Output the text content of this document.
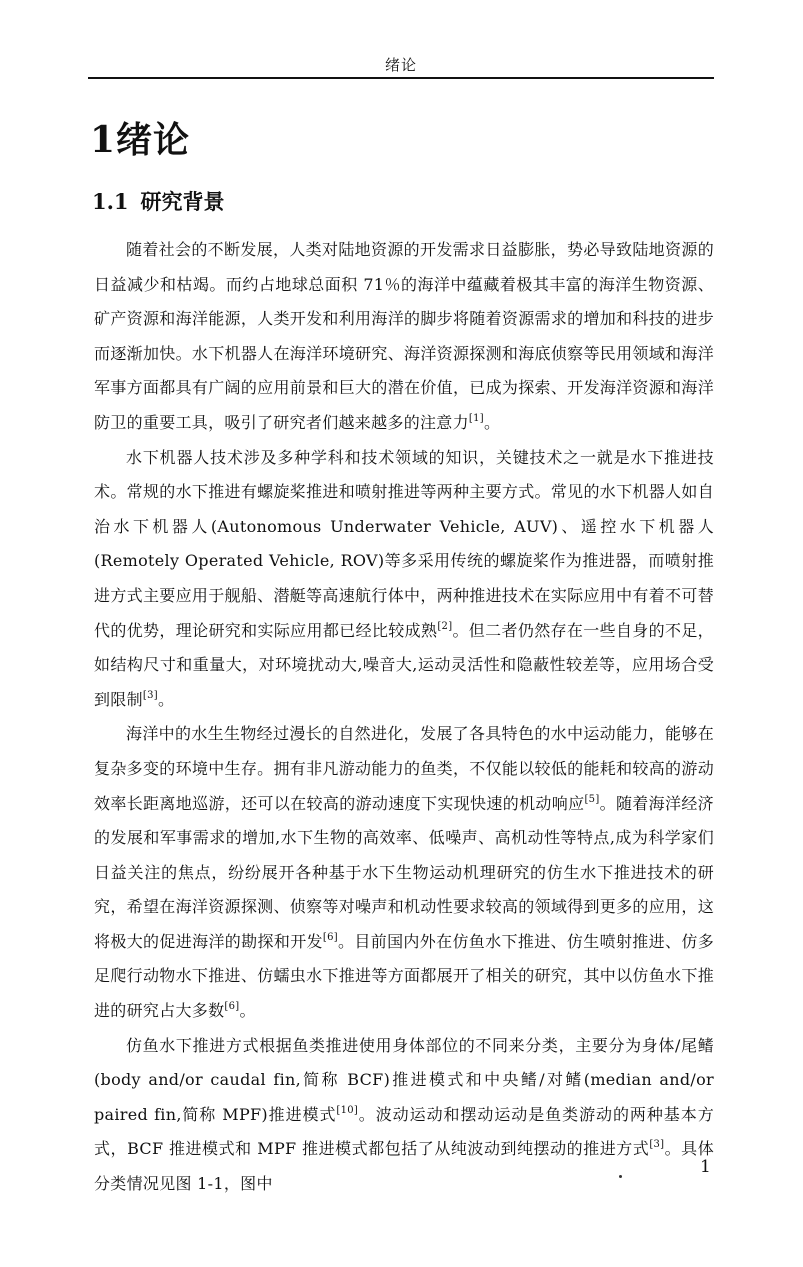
绪论
1绪论
1.1 研究背景

随着社会的不断发展，人类对陆地资源的开发需求日益膨胀，势必导致陆地资源的日益减少和枯竭。而约占地球总面积 71％的海洋中蕴藏着极其丰富的海洋生物资源、矿产资源和海洋能源，人类开发和利用海洋的脚步将随着资源需求的增加和科技的进步而逐渐加快。水下机器人在海洋环境研究、海洋资源探测和海底侦察等民用领域和海洋军事方面都具有广阔的应用前景和巨大的潜在价值，已成为探索、开发海洋资源和海洋防卫的重要工具，吸引了研究者们越来越多的注意力[1]。

水下机器人技术涉及多种学科和技术领域的知识，关键技术之一就是水下推进技术。常规的水下推进有螺旋桨推进和喷射推进等两种主要方式。常见的水下机器人如自治水下机器人(Autonomous Underwater Vehicle, AUV)、遥控水下机器人(Remotely Operated Vehicle, ROV)等多采用传统的螺旋桨作为推进器，而喷射推进方式主要应用于舰船、潜艇等高速航行体中，两种推进技术在实际应用中有着不可替代的优势，理论研究和实际应用都已经比较成熟[2]。但二者仍然存在一些自身的不足，如结构尺寸和重量大，对环境扰动大,噪音大,运动灵活性和隐蔽性较差等，应用场合受到限制[3]。

海洋中的水生生物经过漫长的自然进化，发展了各具特色的水中运动能力，能够在复杂多变的环境中生存。拥有非凡游动能力的鱼类，不仅能以较低的能耗和较高的游动效率长距离地巡游，还可以在较高的游动速度下实现快速的机动响应[5]。随着海洋经济的发展和军事需求的增加,水下生物的高效率、低噪声、高机动性等特点,成为科学家们日益关注的焦点，纷纷展开各种基于水下生物运动机理研究的仿生水下推进技术的研究，希望在海洋资源探测、侦察等对噪声和机动性要求较高的领域得到更多的应用，这将极大的促进海洋的勘探和开发[6]。目前国内外在仿鱼水下推进、仿生喷射推进、仿多足爬行动物水下推进、仿蠕虫水下推进等方面都展开了相关的研究，其中以仿鱼水下推进的研究占大多数[6]。

仿鱼水下推进方式根据鱼类推进使用身体部位的不同来分类，主要分为身体/尾鳍(body and/or caudal fin,简称 BCF)推进模式和中央鳍/对鳍(median and/or paired fin,简称 MPF)推进模式[10]。波动运动和摆动运动是鱼类游动的两种基本方式，BCF 推进模式和 MPF 推进模式都包括了从纯波动到纯摆动的推进方式[3]。具体分类情况见图 1-1，图中

1
